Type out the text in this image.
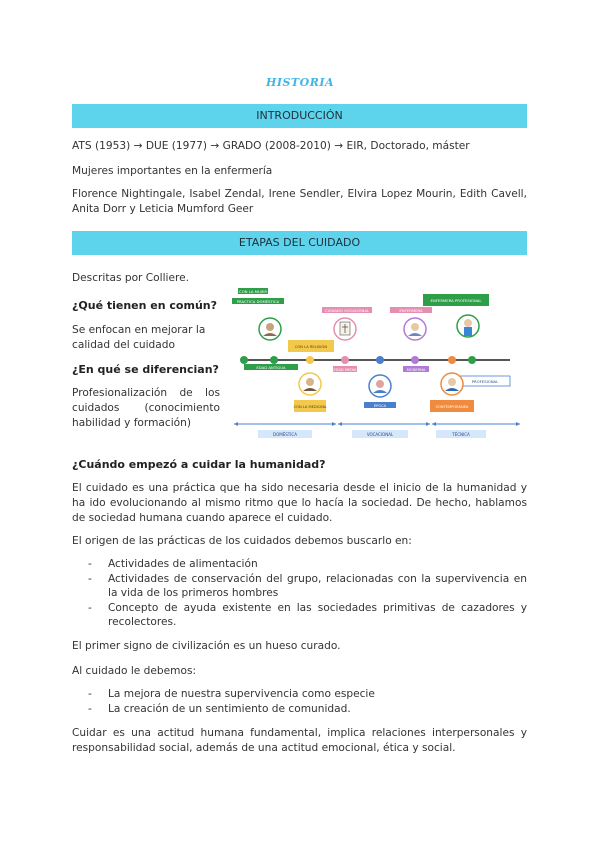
HISTORIA
INTRODUCCIÓN
ATS (1953) → DUE (1977) → GRADO (2008-2010) → EIR, Doctorado, máster
Mujeres importantes en la enfermería
Florence Nightingale, Isabel Zendal, Irene Sendler, Elvira Lopez Mourin, Edith Cavell, Anita Dorr y Leticia Mumford Geer
ETAPAS DEL CUIDADO
Descritas por Colliere.
¿Qué tienen en común?
Se enfocan en mejorar la calidad del cuidado
¿En qué se diferencian?
Profesionalización de los cuidados (conocimiento habilidad y formación)
CON LA MUJER
PRACTICA DOMÉSTICA
CUIDADO VOCACIONAL	ENFERMERA
ENFERMERA PROFESIONAL
CON LA RELIGIÓN
EDAD ANTIGUA	EDAD MEDIA	MODERNA
PROFESIONAL
CON LA MEDICINA	ÉPOCA	CONTEMPORÁNEA
DOMÉSTICA	VOCACIONAL	TÉCNICA
¿Cuándo empezó a cuidar la humanidad?
El cuidado es una práctica que ha sido necesaria desde el inicio de la humanidad y ha ido evolucionando al mismo ritmo que lo hacía la sociedad. De hecho, hablamos de sociedad humana cuando aparece el cuidado.
El origen de las prácticas de los cuidados debemos buscarlo en:
- Actividades de alimentación
- Actividades de conservación del grupo, relacionadas con la supervivencia en la vida de los primeros hombres
- Concepto de ayuda existente en las sociedades primitivas de cazadores y recolectores.
El primer signo de civilización es un hueso curado.
Al cuidado le debemos:
- La mejora de nuestra supervivencia como especie
- La creación de un sentimiento de comunidad.
Cuidar es una actitud humana fundamental, implica relaciones interpersonales y responsabilidad social, además de una actitud emocional, ética y social.
